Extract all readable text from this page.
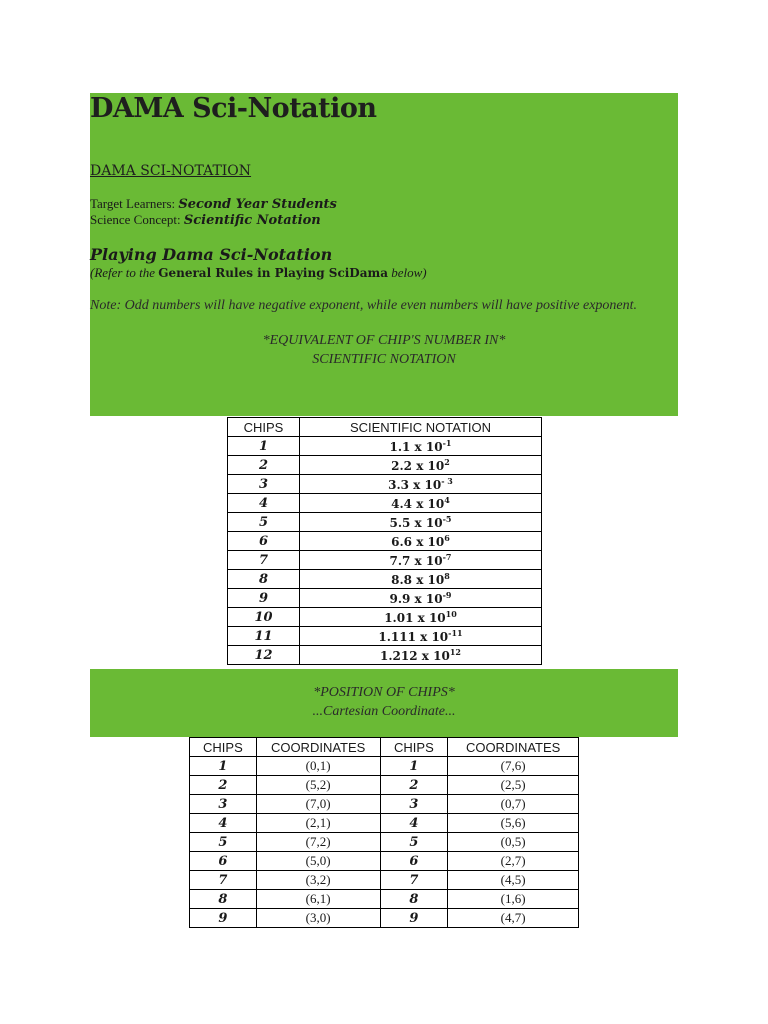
DAMA Sci-Notation
DAMA SCI-NOTATION
Target Learners: Second Year Students
Science Concept: Scientific Notation
Playing Dama Sci-Notation
(Refer to the General Rules in Playing SciDama below)
Note: Odd numbers will have negative exponent, while even numbers will have positive exponent.
*EQUIVALENT OF CHIP'S NUMBER IN*
SCIENTIFIC NOTATION
CHIPS	SCIENTIFIC NOTATION
1	1.1 x $10^{-1}$
2	2.2 x $10^2$
3	3.3 x $10^{- 3}$
4	4.4 x $10^4$
5	5.5 x $10^{-5}$
6	6.6 x $10^6$
7	7.7 x $10^{-7}$
8	8.8 x $10^8$
9	9.9 x $10^{-9}$
10	1.01 x $10^{10}$
11	1.111 x $10^{-11}$
12	1.212 x $10^{12}$
*POSITION OF CHIPS*
...Cartesian Coordinate...
CHIPS	COORDINATES	CHIPS	COORDINATES
1	(0,1)	1	(7,6)
2	(5,2)	2	(2,5)
3	(7,0)	3	(0,7)
4	(2,1)	4	(5,6)
5	(7,2)	5	(0,5)
6	(5,0)	6	(2,7)
7	(3,2)	7	(4,5)
8	(6,1)	8	(1,6)
9	(3,0)	9	(4,7)
